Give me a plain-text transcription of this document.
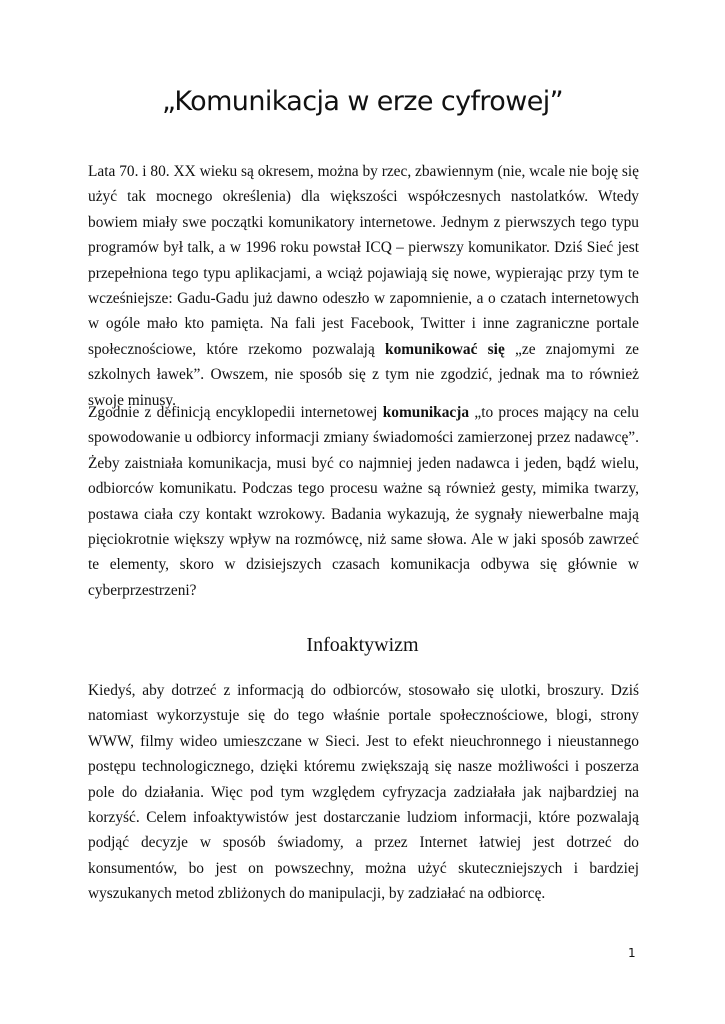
„Komunikacja w erze cyfrowej”

Lata 70. i 80. XX wieku są okresem, można by rzec, zbawiennym (nie, wcale nie boję się użyć tak mocnego określenia) dla większości współczesnych nastolatków. Wtedy bowiem miały swe początki komunikatory internetowe. Jednym z pierwszych tego typu programów był talk, a w 1996 roku powstał ICQ – pierwszy komunikator. Dziś Sieć jest przepełniona tego typu aplikacjami, a wciąż pojawiają się nowe, wypierając przy tym te wcześniejsze: Gadu-Gadu już dawno odeszło w zapomnienie, a o czatach internetowych w ogóle mało kto pamięta. Na fali jest Facebook, Twitter i inne zagraniczne portale społecznościowe, które rzekomo pozwalają komunikować się „ze znajomymi ze szkolnych ławek”. Owszem, nie sposób się z tym nie zgodzić, jednak ma to również swoje minusy.

Zgodnie z definicją encyklopedii internetowej komunikacja „to proces mający na celu spowodowanie u odbiorcy informacji zmiany świadomości zamierzonej przez nadawcę”. Żeby zaistniała komunikacja, musi być co najmniej jeden nadawca i jeden, bądź wielu, odbiorców komunikatu. Podczas tego procesu ważne są również gesty, mimika twarzy, postawa ciała czy kontakt wzrokowy. Badania wykazują, że sygnały niewerbalne mają pięciokrotnie większy wpływ na rozmówcę, niż same słowa. Ale w jaki sposób zawrzeć te elementy, skoro w dzisiejszych czasach komunikacja odbywa się głównie w cyberprzestrzeni?

Infoaktywizm

Kiedyś, aby dotrzeć z informacją do odbiorców, stosowało się ulotki, broszury. Dziś natomiast wykorzystuje się do tego właśnie portale społecznościowe, blogi, strony WWW, filmy wideo umieszczane w Sieci. Jest to efekt nieuchronnego i nieustannego postępu technologicznego, dzięki któremu zwiększają się nasze możliwości i poszerza pole do działania. Więc pod tym względem cyfryzacja zadziałała jak najbardziej na korzyść. Celem infoaktywistów jest dostarczanie ludziom informacji, które pozwalają podjąć decyzje w sposób świadomy, a przez Internet łatwiej jest dotrzeć do konsumentów, bo jest on powszechny, można użyć skuteczniejszych i bardziej wyszukanych metod zbliżonych do manipulacji, by zadziałać na odbiorcę.

1
